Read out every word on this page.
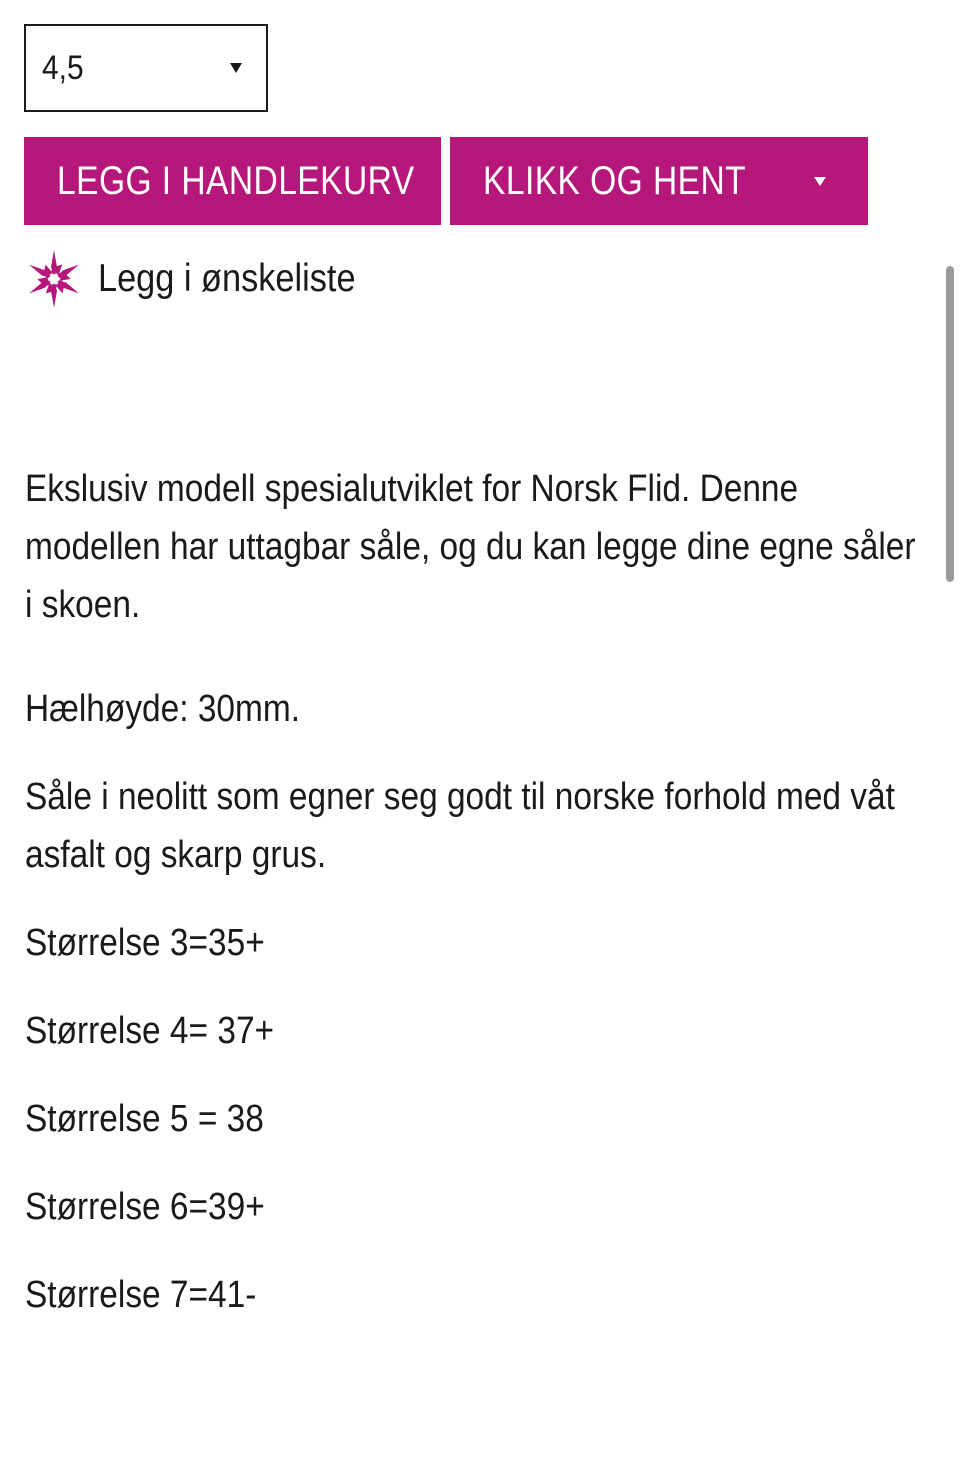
4,5
LEGG I HANDLEKURV KLIKK OG HENT
Legg i ønskeliste

Ekslusiv modell spesialutviklet for Norsk Flid. Denne modellen har uttagbar såle, og du kan legge dine egne såler i skoen.

Hælhøyde: 30mm.

Såle i neolitt som egner seg godt til norske forhold med våt asfalt og skarp grus.

Størrelse 3=35+

Størrelse 4= 37+

Størrelse 5 = 38

Størrelse 6=39+

Størrelse 7=41-
